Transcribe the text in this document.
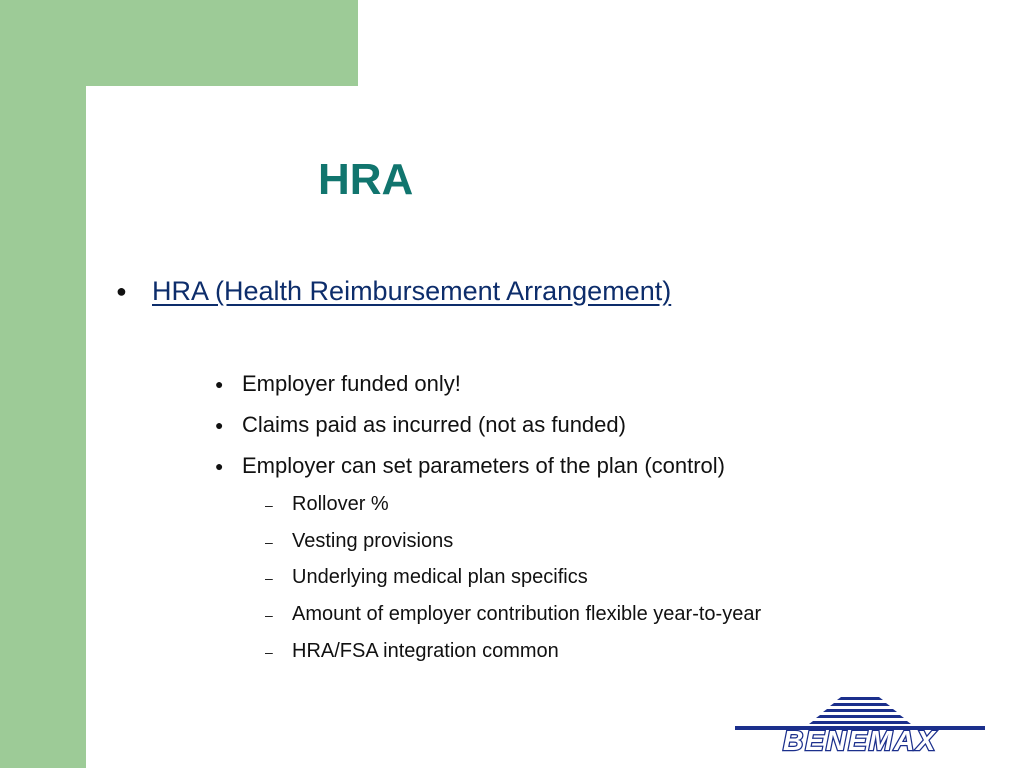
HRA
● HRA (Health Reimbursement Arrangement)
● Employer funded only!
● Claims paid as incurred (not as funded)
● Employer can set parameters of the plan (control)
– Rollover %
– Vesting provisions
– Underlying medical plan specifics
– Amount of employer contribution flexible year-to-year
– HRA/FSA integration common
BENEMAX
